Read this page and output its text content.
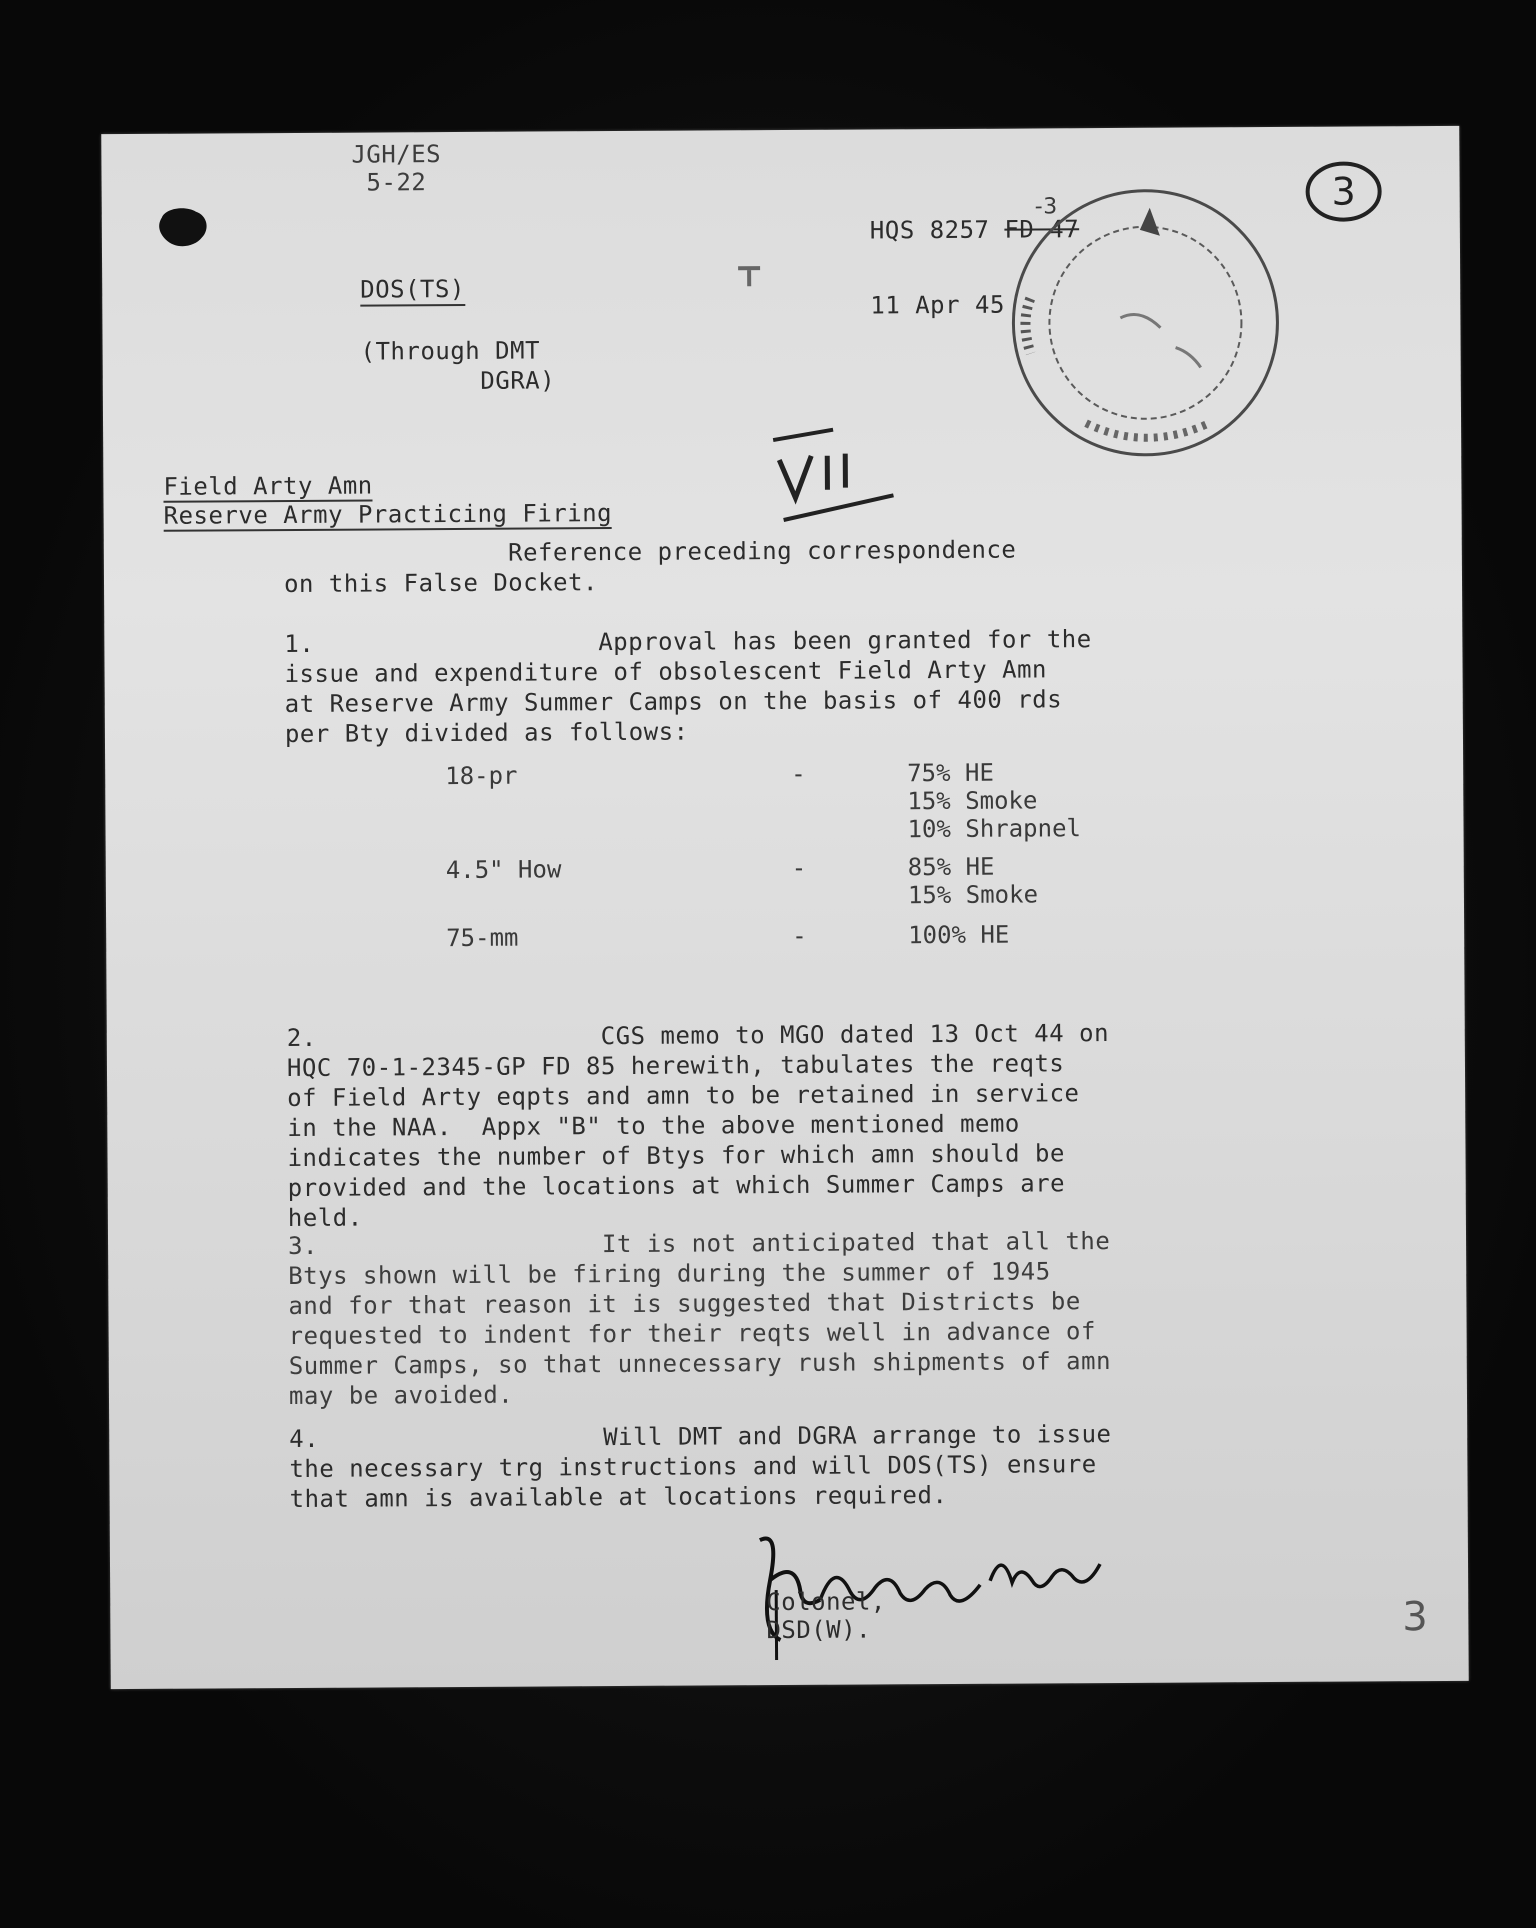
JGH/ES
5-22
HQS 8257 FD 47
-3
11 Apr 45
DOS(TS)
(Through DMT
DGRA)
3
VII
Field Arty Amn
Reserve Army Practicing Firing
Reference preceding correspondence
on this False Docket.
1.                   Approval has been granted for the
issue and expenditure of obsolescent Field Arty Amn
at Reserve Army Summer Camps on the basis of 400 rds
per Bty divided as follows:
18-pr	-	75% HE
15% Smoke
10% Shrapnel
4.5" How	-	85% HE
15% Smoke
75-mm	-	100% HE
2.                   CGS memo to MGO dated 13 Oct 44 on
HQC 70-1-2345-GP FD 85 herewith, tabulates the reqts
of Field Arty eqpts and amn to be retained in service
in the NAA.  Appx "B" to the above mentioned memo
indicates the number of Btys for which amn should be
provided and the locations at which Summer Camps are
held.
3.                   It is not anticipated that all the
Btys shown will be firing during the summer of 1945
and for that reason it is suggested that Districts be
requested to indent for their reqts well in advance of
Summer Camps, so that unnecessary rush shipments of amn
may be avoided.
4.                   Will DMT and DGRA arrange to issue
the necessary trg instructions and will DOS(TS) ensure
that amn is available at locations required.
JKHarper Major
Colonel,
DSD(W).	3
